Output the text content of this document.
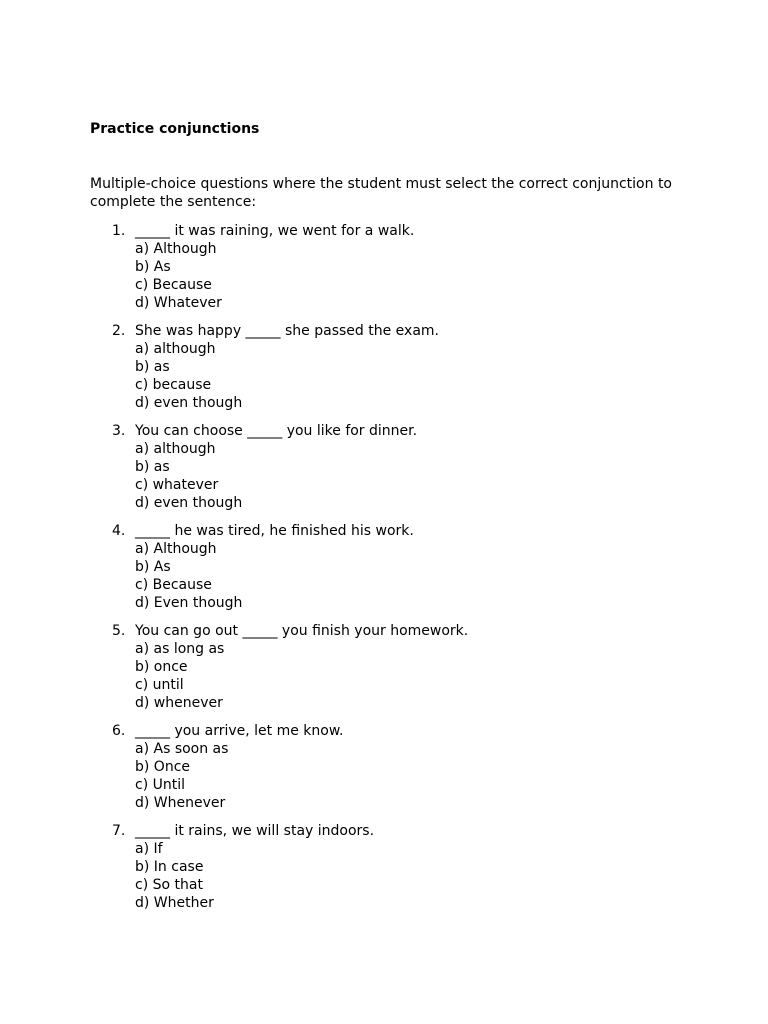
Practice conjunctions

Multiple-choice questions where the student must select the correct conjunction to complete the sentence:

1. _____ it was raining, we went for a walk.
a) Although
b) As
c) Because
d) Whatever
2. She was happy _____ she passed the exam.
a) although
b) as
c) because
d) even though
3. You can choose _____ you like for dinner.
a) although
b) as
c) whatever
d) even though
4. _____ he was tired, he finished his work.
a) Although
b) As
c) Because
d) Even though
5. You can go out _____ you finish your homework.
a) as long as
b) once
c) until
d) whenever
6. _____ you arrive, let me know.
a) As soon as
b) Once
c) Until
d) Whenever
7. _____ it rains, we will stay indoors.
a) If
b) In case
c) So that
d) Whether
